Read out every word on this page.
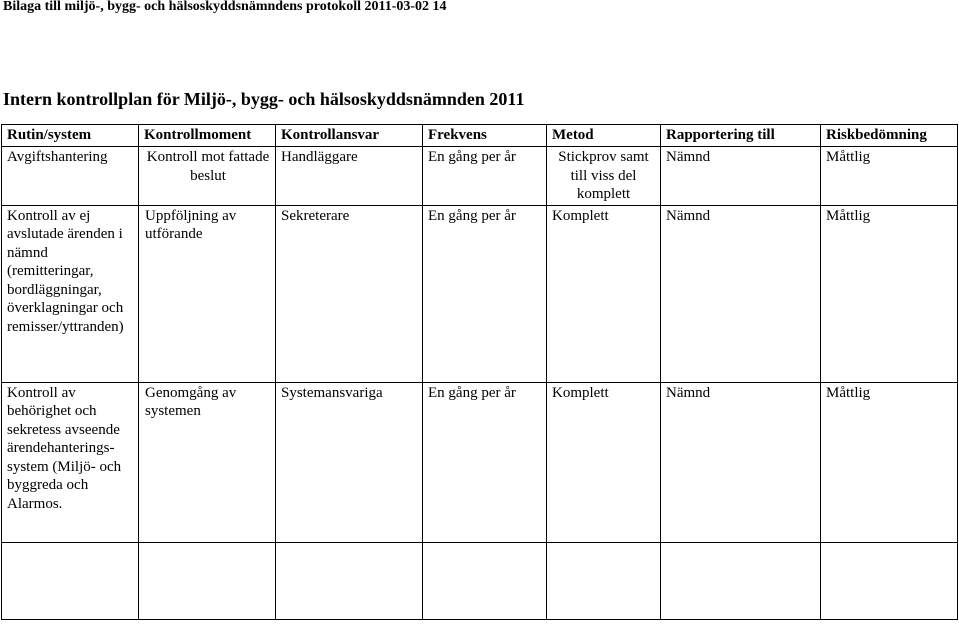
Bilaga till miljö-, bygg- och hälsoskyddsnämndens protokoll 2011-03-02 14
Intern kontrollplan för Miljö-, bygg- och hälsoskyddsnämnden 2011
Rutin/system	Kontrollmoment	Kontrollansvar	Frekvens	Metod	Rapportering till	Riskbedömning
Avgiftshantering	Kontroll mot fattade beslut	Handläggare	En gång per år	Stickprov samt till viss del komplett	Nämnd	Måttlig
Kontroll av ej avslutade ärenden i nämnd (remitteringar, bordläggningar, överklagningar och remisser/yttranden)	Uppföljning av utförande	Sekreterare	En gång per år	Komplett	Nämnd	Måttlig
Kontroll av behörighet och sekretess avseende ärendehanterings-system (Miljö- och byggreda och Alarmos.	Genomgång av systemen	Systemansvariga	En gång per år	Komplett	Nämnd	Måttlig
